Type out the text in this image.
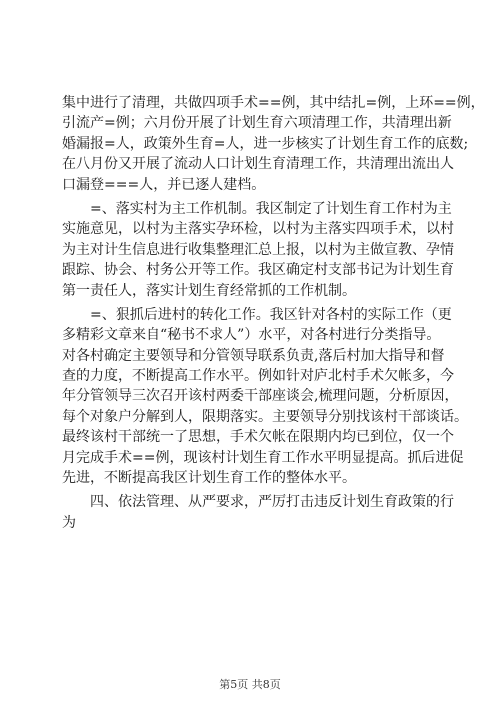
集中进行了清理，共做四项手术==例，其中结扎=例，上环==例，
引流产=例；六月份开展了计划生育六项清理工作，共清理出新
婚漏报=人，政策外生育=人，进一步核实了计划生育工作的底数;
在八月份又开展了流动人口计划生育清理工作，共清理出流出人
口漏登===人，并已逐人建档。
　　=、落实村为主工作机制。我区制定了计划生育工作村为主
实施意见，以村为主落实孕环检，以村为主落实四项手术，以村
为主对计生信息进行收集整理汇总上报，以村为主做宣教、孕情
跟踪、协会、村务公开等工作。我区确定村支部书记为计划生育
第一责任人，落实计划生育经常抓的工作机制。
　　=、狠抓后进村的转化工作。我区针对各村的实际工作（更
多精彩文章来自“秘书不求人”）水平，对各村进行分类指导。
对各村确定主要领导和分管领导联系负责,落后村加大指导和督
查的力度，不断提高工作水平。例如针对庐北村手术欠帐多，今
年分管领导三次召开该村两委干部座谈会,梳理问题，分析原因，
每个对象户分解到人，限期落实。主要领导分别找该村干部谈话。
最终该村干部统一了思想，手术欠帐在限期内均已到位，仅一个
月完成手术==例，现该村计划生育工作水平明显提高。抓后进促
先进，不断提高我区计划生育工作的整体水平。
　　四、依法管理、从严要求，严厉打击违反计划生育政策的行
为
第5页 共8页
